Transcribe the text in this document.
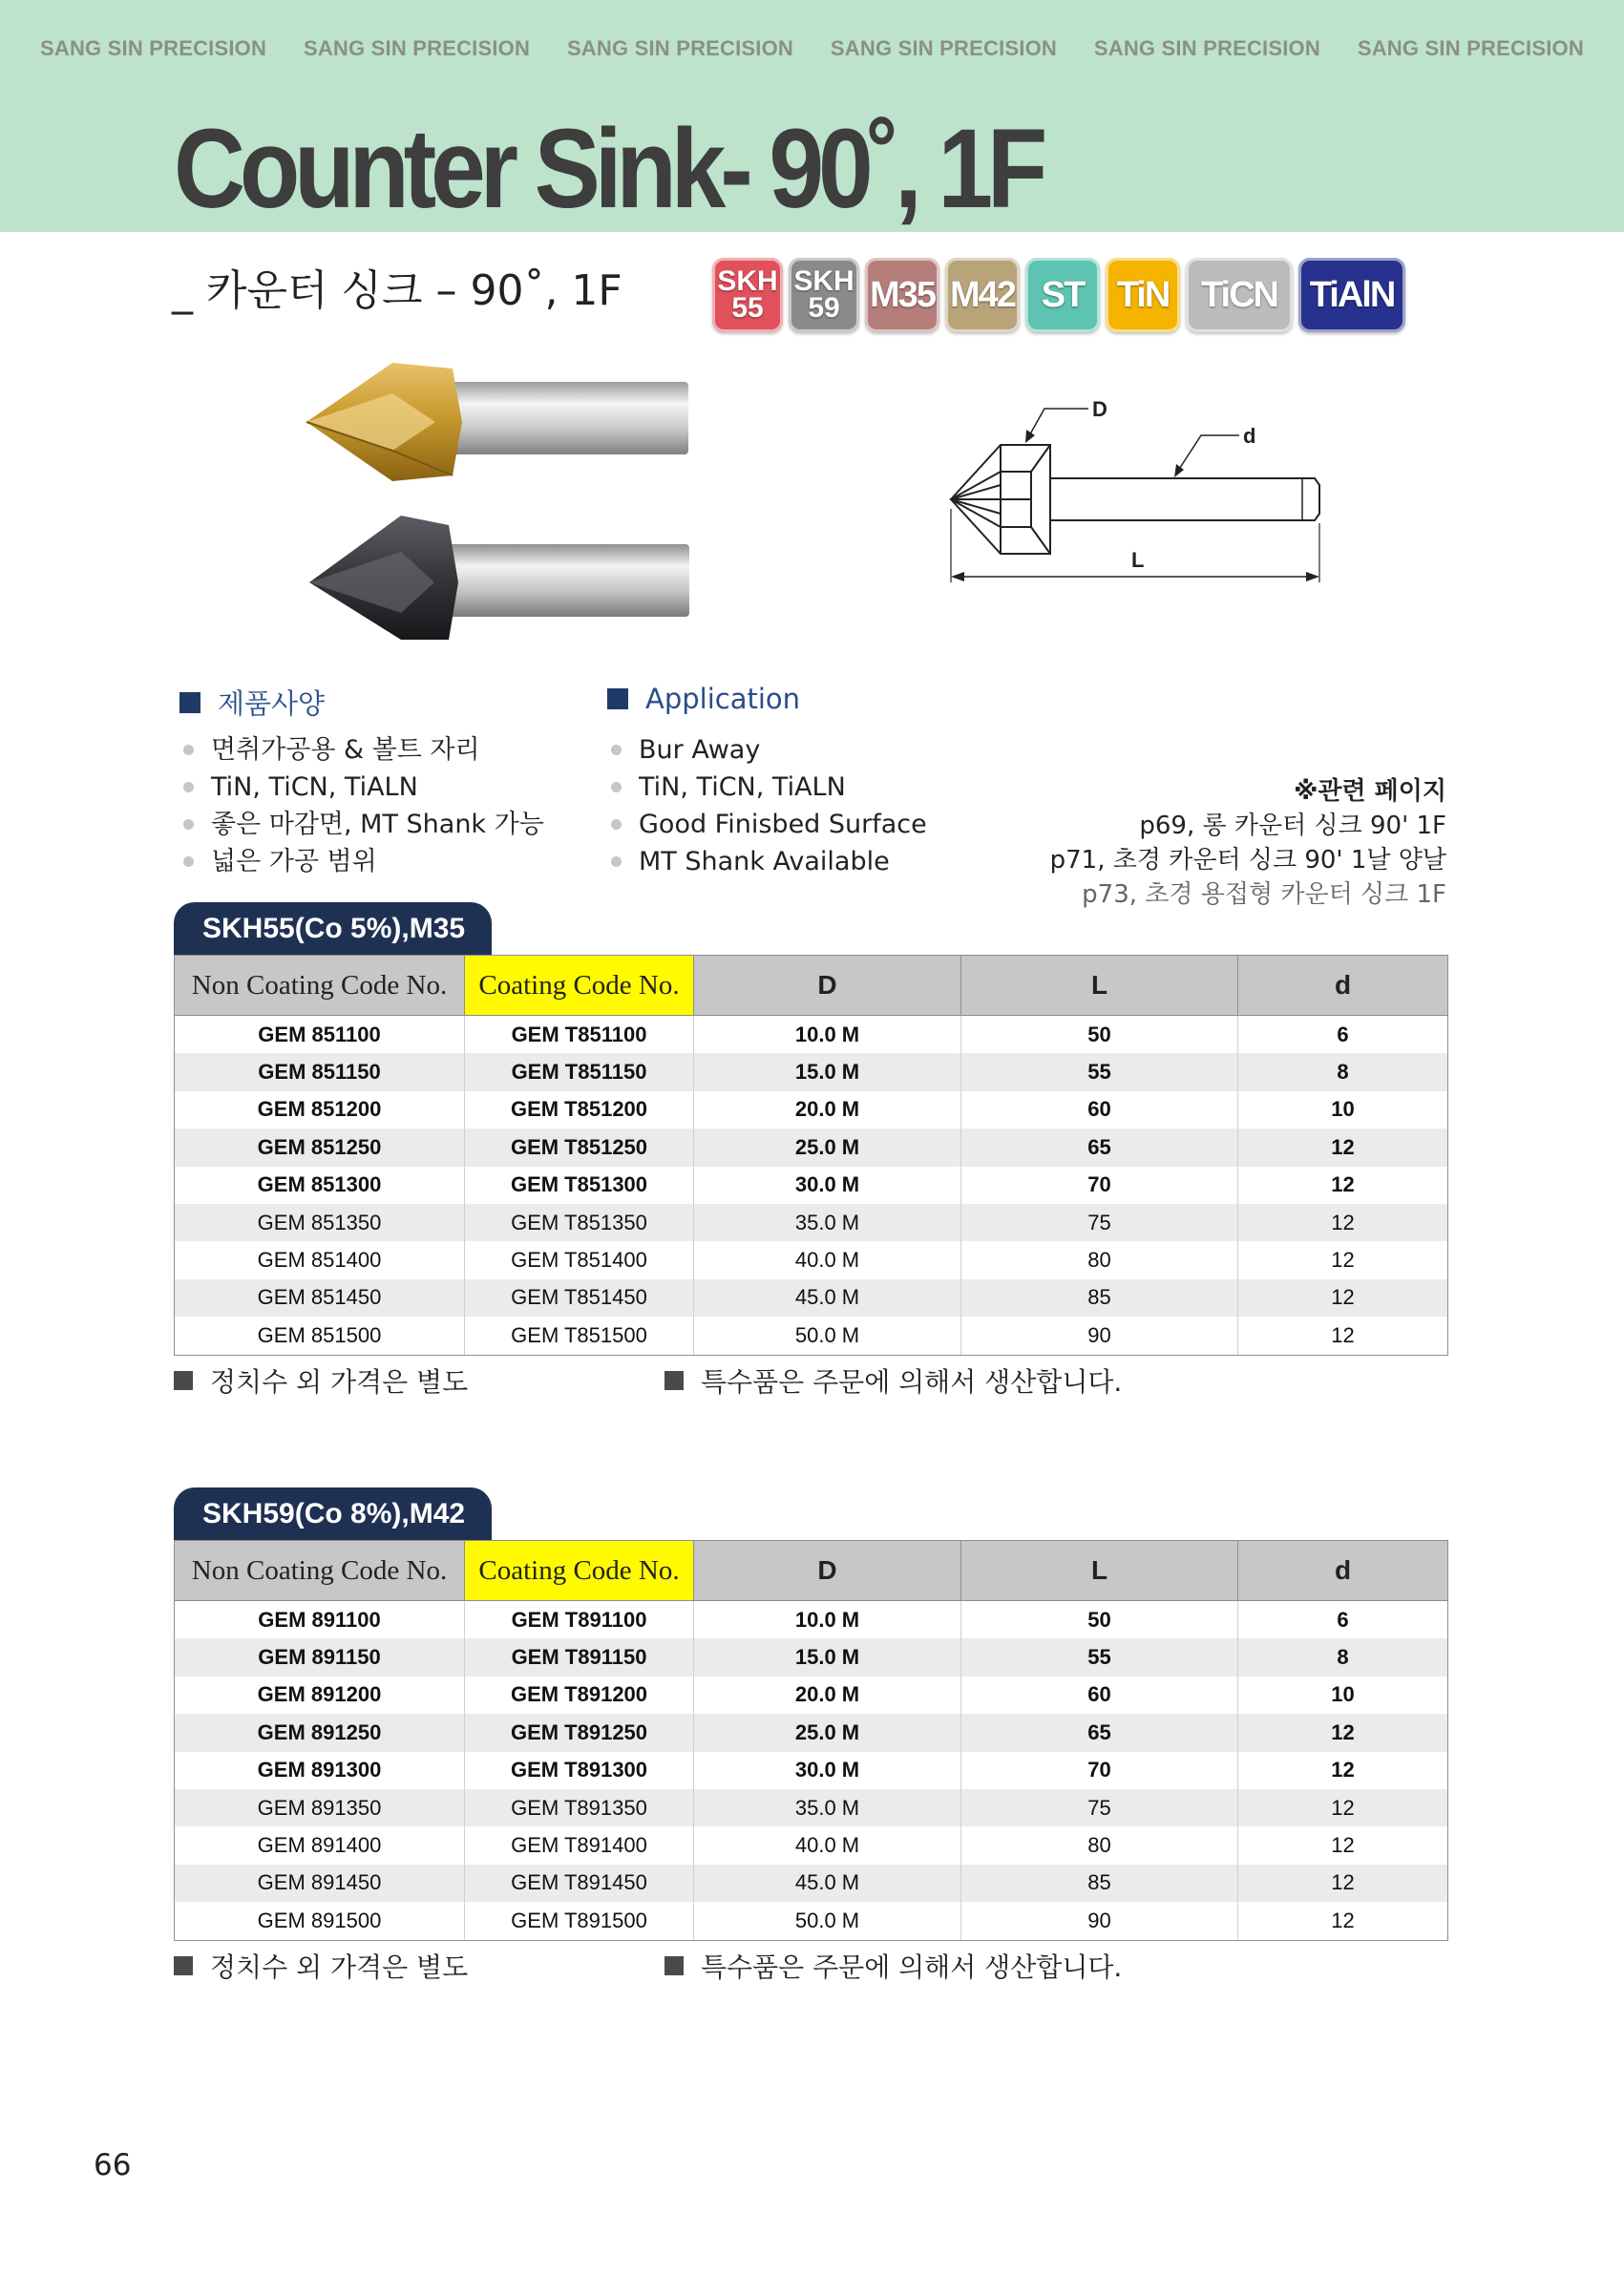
SANG SIN PRECISION SANG SIN PRECISION SANG SIN PRECISION SANG SIN PRECISION SANG SIN PRECISION SANG SIN PRECISION
Counter Sink- 90˚, 1F
_ 카운터 싱크 – 90˚, 1F	SKH
55
SKH
59 M35 M42 ST TiN TiCN TiAlN
D
d
L
제품사양
면취가공용 & 볼트 자리
TiN, TiCN, TiALN
좋은 마감면, MT Shank 가능
넓은 가공 범위
Application
Bur Away
TiN, TiCN, TiALN
Good Finisbed Surface
MT Shank Available
※관련 페이지
p69, 롱 카운터 싱크 90' 1F
p71, 초경 카운터 싱크 90' 1날 양날
p73, 초경 용접형 카운터 싱크 1F
SKH55(Co 5%),M35
Non Coating Code No.	Coating Code No.	D	L	d
GEM 851100	GEM T851100	10.0 M	50	6
GEM 851150	GEM T851150	15.0 M	55	8
GEM 851200	GEM T851200	20.0 M	60	10
GEM 851250	GEM T851250	25.0 M	65	12
GEM 851300	GEM T851300	30.0 M	70	12
GEM 851350	GEM T851350	35.0 M	75	12
GEM 851400	GEM T851400	40.0 M	80	12
GEM 851450	GEM T851450	45.0 M	85	12
GEM 851500	GEM T851500	50.0 M	90	12
정치수 외 가격은 별도	특수품은 주문에 의해서 생산합니다.
SKH59(Co 8%),M42
Non Coating Code No.	Coating Code No.	D	L	d
GEM 891100	GEM T891100	10.0 M	50	6
GEM 891150	GEM T891150	15.0 M	55	8
GEM 891200	GEM T891200	20.0 M	60	10
GEM 891250	GEM T891250	25.0 M	65	12
GEM 891300	GEM T891300	30.0 M	70	12
GEM 891350	GEM T891350	35.0 M	75	12
GEM 891400	GEM T891400	40.0 M	80	12
GEM 891450	GEM T891450	45.0 M	85	12
GEM 891500	GEM T891500	50.0 M	90	12
정치수 외 가격은 별도	특수품은 주문에 의해서 생산합니다.
66
